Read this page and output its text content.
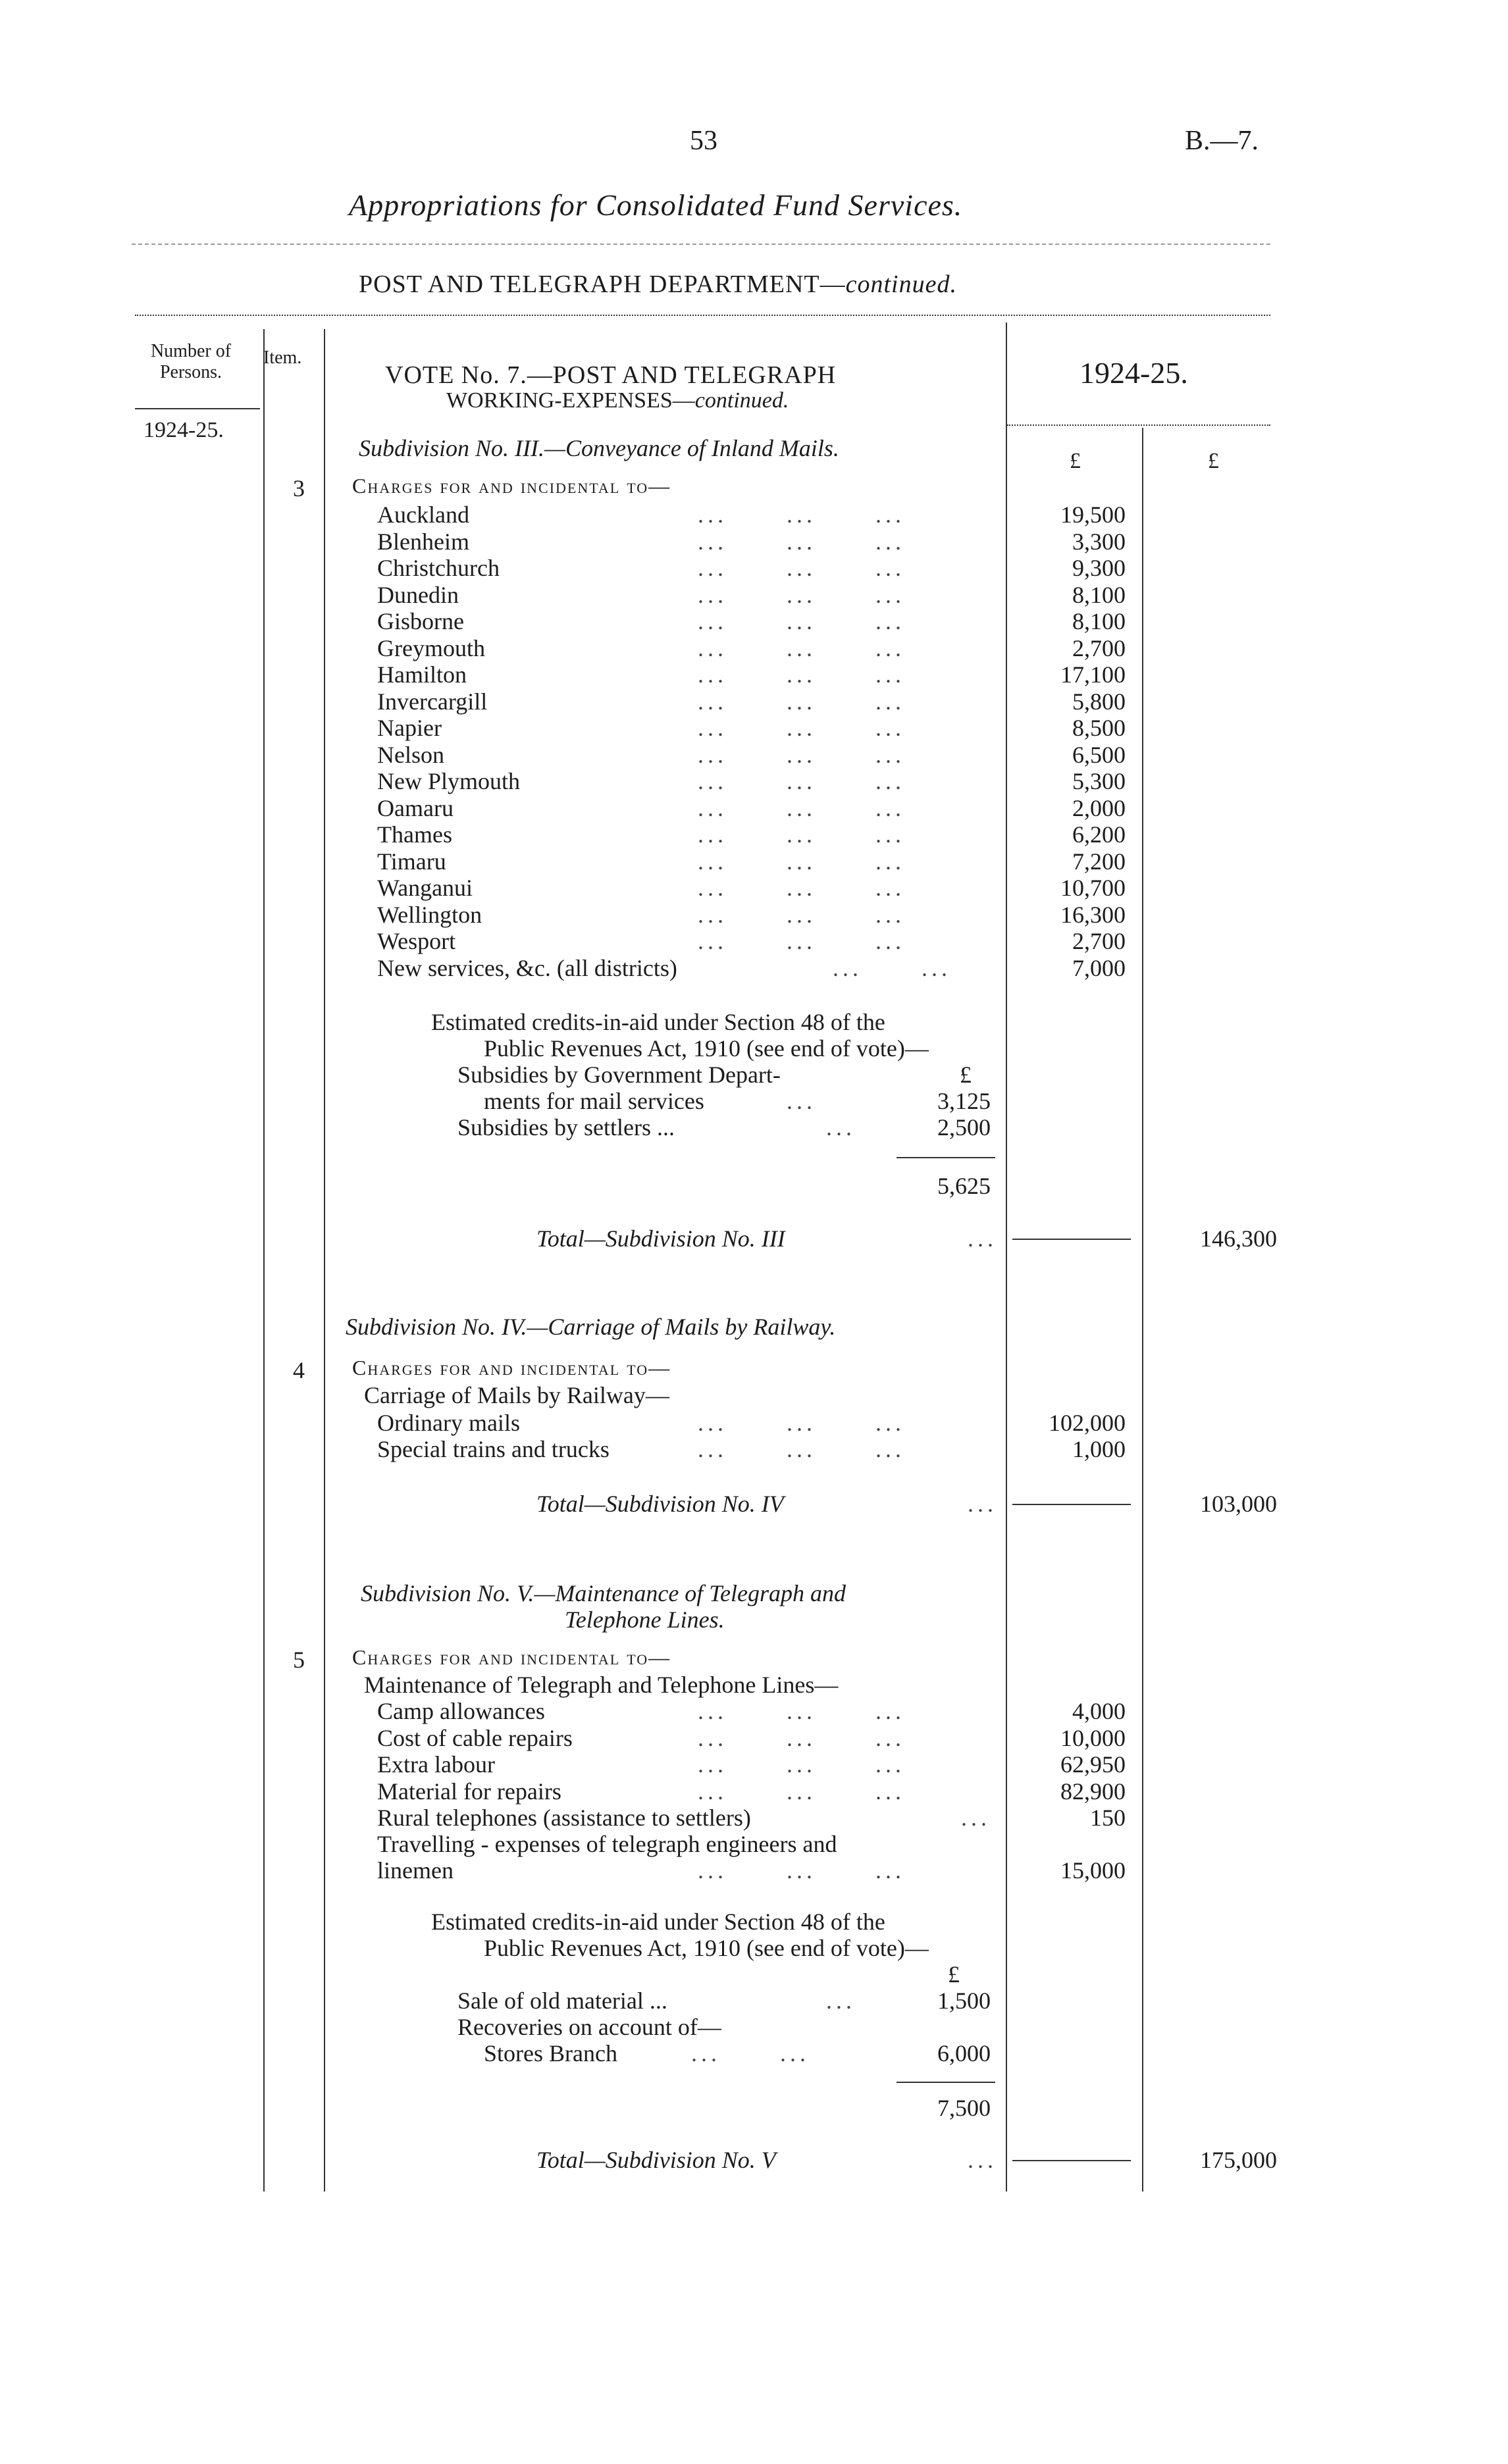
53	B.—7.
Appropriations for Consolidated Fund Services.
POST AND TELEGRAPH DEPARTMENT—continued.
Number of Persons.
Item.
1924-25.
1924-25.
£	£
VOTE No. 7.—POST AND TELEGRAPH
WORKING-EXPENSES—continued.
Subdivision No. III.—Conveyance of Inland Mails.
3 Charges for and incidental to—
Auckland	...      ...      ...	19,500
Blenheim	...      ...      ...	3,300
Christchurch	...      ...      ...	9,300
Dunedin	...      ...      ...	8,100
Gisborne	...      ...      ...	8,100
Greymouth	...      ...      ...	2,700
Hamilton	...      ...      ...	17,100
Invercargill	...      ...      ...	5,800
Napier	...      ...      ...	8,500
Nelson	...      ...      ...	6,500
New Plymouth	...      ...      ...	5,300
Oamaru	...      ...      ...	2,000
Thames	...      ...      ...	6,200
Timaru	...      ...      ...	7,200
Wanganui	...      ...      ...	10,700
Wellington	...      ...      ...	16,300
Wesport	...      ...      ...	2,700
New services, &c. (all districts)	...      ...	7,000
Estimated credits-in-aid under Section 48 of the
Public Revenues Act, 1910 (see end of vote)—
Subsidies by Government Depart-	£
ments for mail services	...	3,125
Subsidies by settlers ...	...	2,500
5,625
Total—Subdivision No. III	...	146,300
Subdivision No. IV.—Carriage of Mails by Railway.
4 Charges for and incidental to—
Carriage of Mails by Railway—
Ordinary mails	...      ...      ...	102,000
Special trains and trucks	...      ...      ...	1,000
Total—Subdivision No. IV	...	103,000
Subdivision No. V.—Maintenance of Telegraph and
Telephone Lines.
5 Charges for and incidental to—
Maintenance of Telegraph and Telephone Lines—
Camp allowances	...      ...      ...	4,000
Cost of cable repairs	...      ...      ...	10,000
Extra labour	...      ...      ...	62,950
Material for repairs	...      ...      ...	82,900
Rural telephones (assistance to settlers)	...	150
Travelling - expenses of telegraph engineers and
linemen	...      ...      ...	15,000
Estimated credits-in-aid under Section 48 of the
Public Revenues Act, 1910 (see end of vote)—
£
Sale of old material ...	...	1,500
Recoveries on account of—
Stores Branch	...      ...	6,000
7,500
Total—Subdivision No. V	...	175,000
